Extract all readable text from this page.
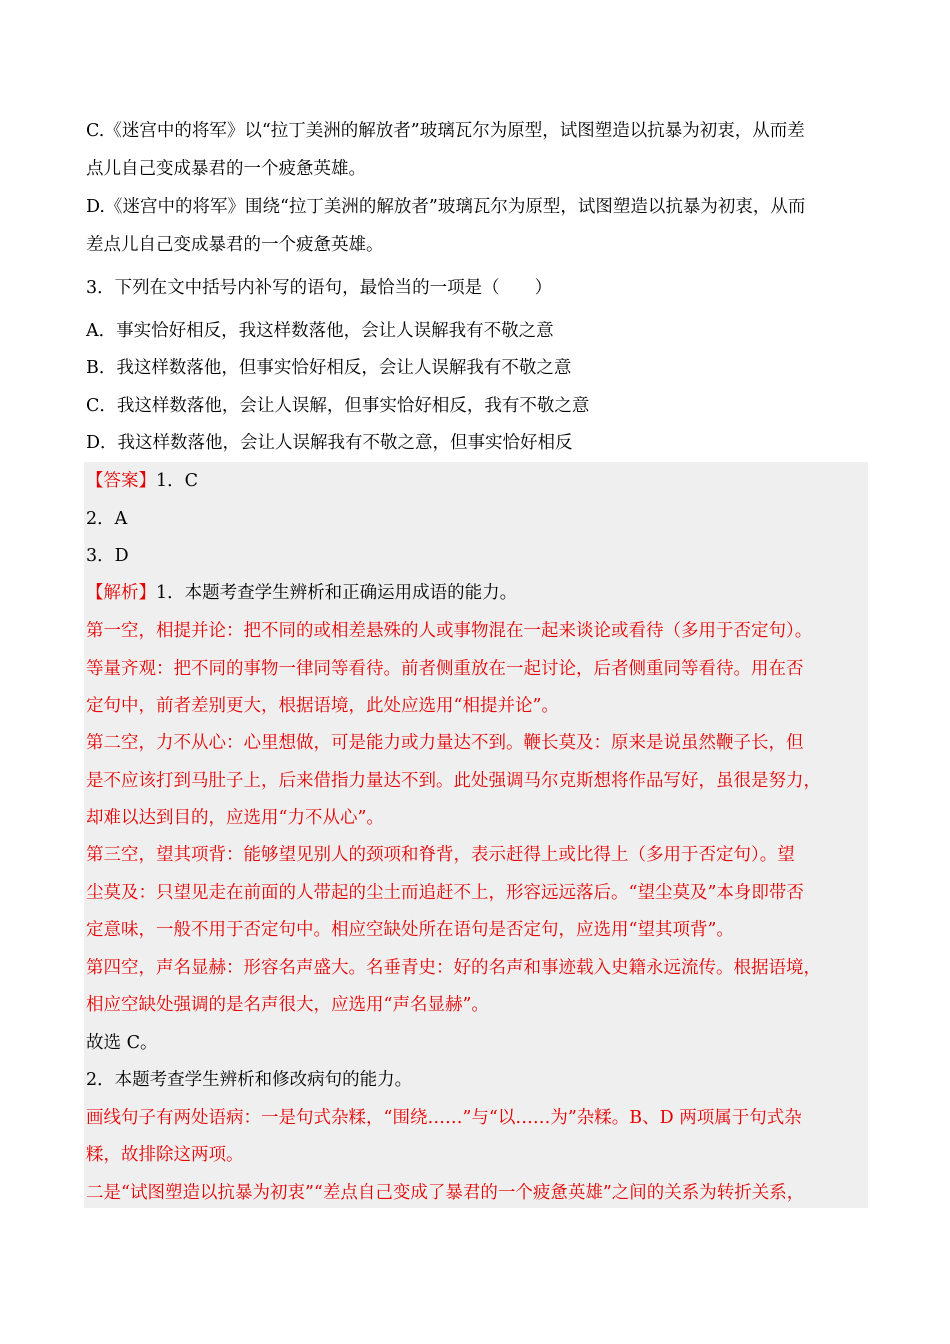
C.《迷宫中的将军》以“拉丁美洲的解放者”玻璃瓦尔为原型，试图塑造以抗暴为初衷，从而差
点儿自己变成暴君的一个疲惫英雄。
D.《迷宫中的将军》围绕“拉丁美洲的解放者”玻璃瓦尔为原型，试图塑造以抗暴为初衷，从而
差点儿自己变成暴君的一个疲惫英雄。
3．下列在文中括号内补写的语句，最恰当的一项是（　　）
A．事实恰好相反，我这样数落他，会让人误解我有不敬之意
B．我这样数落他，但事实恰好相反，会让人误解我有不敬之意
C．我这样数落他，会让人误解，但事实恰好相反，我有不敬之意
D．我这样数落他，会让人误解我有不敬之意，但事实恰好相反
【答案】1．C
2．A
3．D
【解析】1．本题考查学生辨析和正确运用成语的能力。
第一空，相提并论：把不同的或相差悬殊的人或事物混在一起来谈论或看待（多用于否定句）。
等量齐观：把不同的事物一律同等看待。前者侧重放在一起讨论，后者侧重同等看待。用在否
定句中，前者差别更大，根据语境，此处应选用“相提并论”。
第二空，力不从心：心里想做，可是能力或力量达不到。鞭长莫及：原来是说虽然鞭子长，但
是不应该打到马肚子上，后来借指力量达不到。此处强调马尔克斯想将作品写好，虽很是努力，
却难以达到目的，应选用“力不从心”。
第三空，望其项背：能够望见别人的颈项和脊背，表示赶得上或比得上（多用于否定句）。望
尘莫及：只望见走在前面的人带起的尘土而追赶不上，形容远远落后。“望尘莫及”本身即带否
定意味，一般不用于否定句中。相应空缺处所在语句是否定句，应选用“望其项背”。
第四空，声名显赫：形容名声盛大。名垂青史：好的名声和事迹载入史籍永远流传。根据语境，
相应空缺处强调的是名声很大，应选用“声名显赫”。
故选 C。
2．本题考查学生辨析和修改病句的能力。
画线句子有两处语病：一是句式杂糅，“围绕……”与“以……为”杂糅。B、D 两项属于句式杂
糅，故排除这两项。
二是“试图塑造以抗暴为初衷”“差点自己变成了暴君的一个疲惫英雄”之间的关系为转折关系，
